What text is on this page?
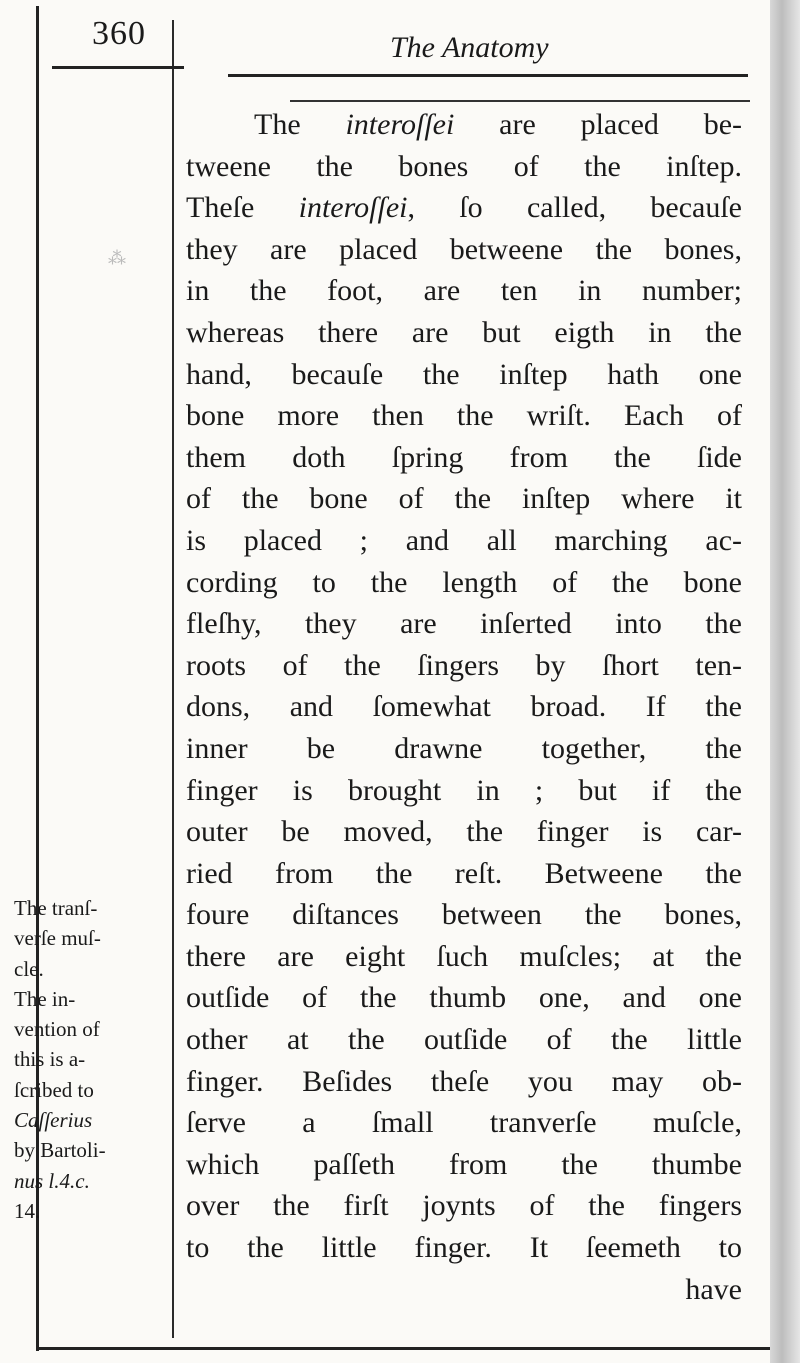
360	The Anatomy

⁂

The interoſſei are placed be-

tweene the bones of the inſtep.

Theſe interoſſei, ſo called, becauſe

they are placed betweene the bones,

in the foot, are ten in number;

whereas there are but eigth in the

hand, becauſe the inſtep hath one

bone more then the wriſt. Each of

them doth ſpring from the ſide

of the bone of the inſtep where it

is placed ; and all marching ac-

cording to the length of the bone

fleſhy, they are inſerted into the

roots of the ſingers by ſhort ten-

dons, and ſomewhat broad. If the

inner be drawne together, the

finger is brought in ; but if the

outer be moved, the finger is car-

ried from the reſt. Betweene the

foure diſtances between the bones,

there are eight ſuch muſcles; at the

outſide of the thumb one, and one

other at the outſide of the little

finger. Beſides theſe you may ob-

ſerve a ſmall tranverſe muſcle,

which paſſeth from the thumbe

over the firſt joynts of the fingers

to the little finger. It ſeemeth to

have

The tranſ-

verſe muſ-

cle.

The in-

vention of

this is a-

ſcribed to

Caſſerius

by Bartoli-

nus l.4.c.

14.
